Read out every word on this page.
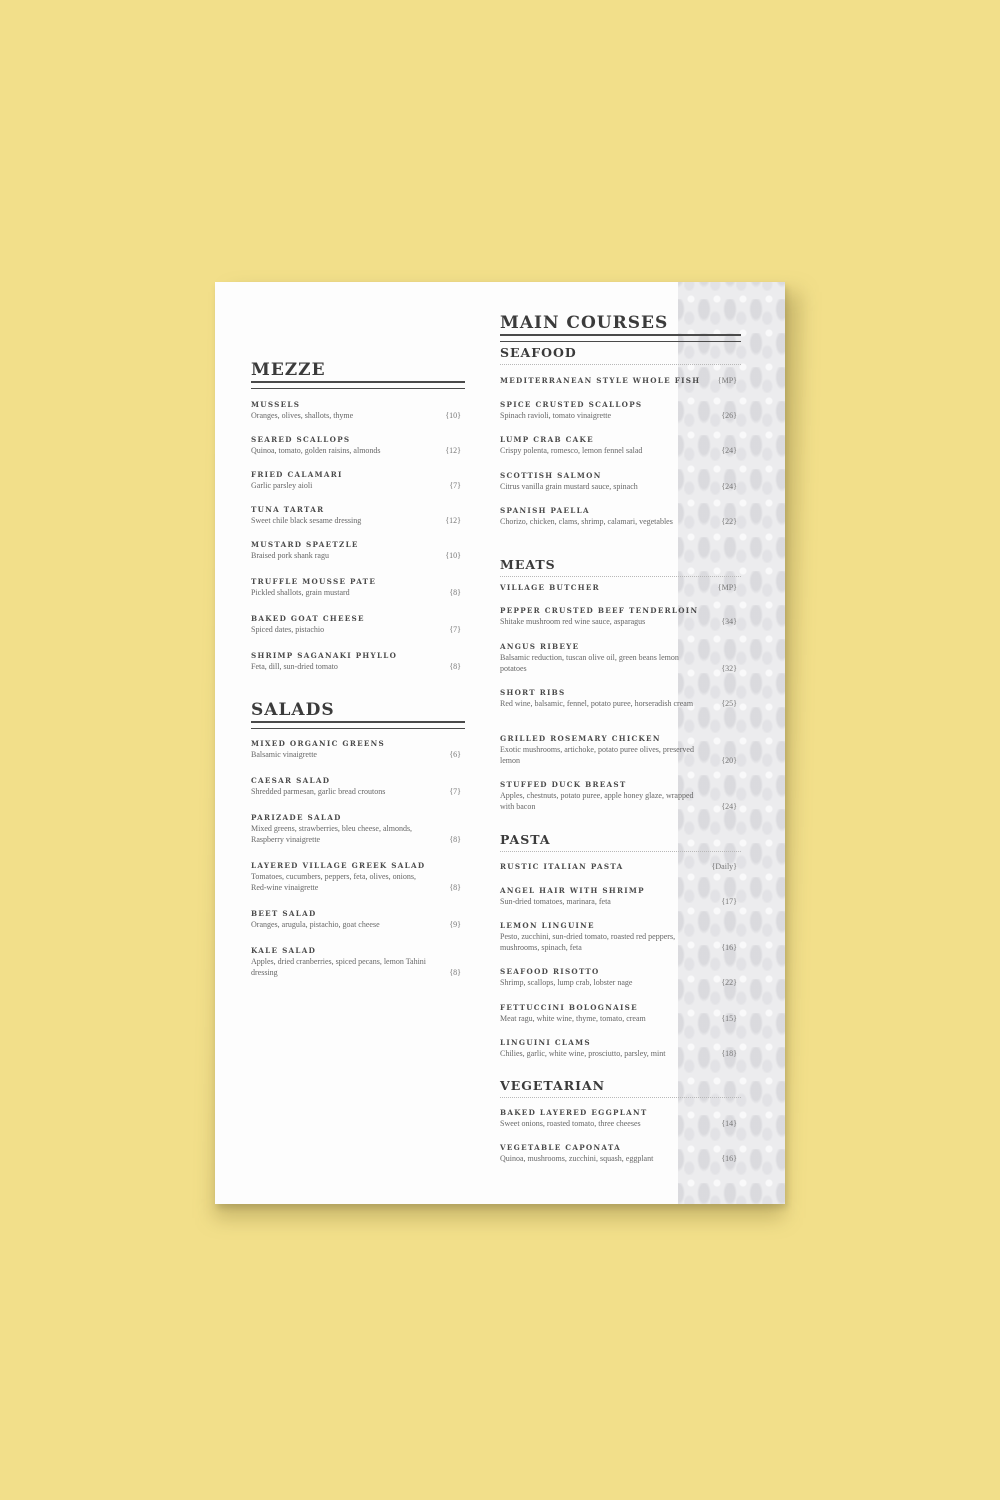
MEZZE
MUSSELS
Oranges, olives, shallots, thyme	{10}
SEARED SCALLOPS
Quinoa, tomato, golden raisins, almonds	{12}
FRIED CALAMARI
Garlic parsley aioli	{7}
TUNA TARTAR
Sweet chile black sesame dressing	{12}
MUSTARD SPAETZLE
Braised pork shank ragu	{10}
TRUFFLE MOUSSE PATE
Pickled shallots, grain mustard	{8}
BAKED GOAT CHEESE
Spiced dates, pistachio	{7}
SHRIMP SAGANAKI PHYLLO
Feta, dill, sun-dried tomato	{8}
SALADS
MIXED ORGANIC GREENS
Balsamic vinaigrette	{6}
CAESAR SALAD
Shredded parmesan, garlic bread croutons	{7}
PARIZADE SALAD
Mixed greens, strawberries, bleu cheese, almonds, Raspberry vinaigrette	{8}
LAYERED VILLAGE GREEK SALAD
Tomatoes, cucumbers, peppers, feta, olives, onions, Red-wine vinaigrette	{8}
BEET SALAD
Oranges, arugula, pistachio, goat cheese	{9}
KALE SALAD
Apples, dried cranberries, spiced pecans, lemon Tahini dressing	{8}
MAIN COURSES
SEAFOOD
MEDITERRANEAN STYLE WHOLE FISH	{MP}
SPICE CRUSTED SCALLOPS
Spinach ravioli, tomato vinaigrette	{26}
LUMP CRAB CAKE
Crispy polenta, romesco, lemon fennel salad	{24}
SCOTTISH SALMON
Citrus vanilla grain mustard sauce, spinach	{24}
SPANISH PAELLA
Chorizo, chicken, clams, shrimp, calamari, vegetables	{22}
MEATS
VILLAGE BUTCHER	{MP}
PEPPER CRUSTED BEEF TENDERLOIN
Shitake mushroom red wine sauce, asparagus	{34}
ANGUS RIBEYE
Balsamic reduction, tuscan olive oil, green beans lemon potatoes	{32}
SHORT RIBS
Red wine, balsamic, fennel, potato puree, horseradish cream	{25}
GRILLED ROSEMARY CHICKEN
Exotic mushrooms, artichoke, potato puree olives, preserved lemon	{20}
STUFFED DUCK BREAST
Apples, chestnuts, potato puree, apple honey glaze, wrapped with bacon	{24}
PASTA
RUSTIC ITALIAN PASTA	{Daily}
ANGEL HAIR WITH SHRIMP
Sun-dried tomatoes, marinara, feta	{17}
LEMON LINGUINE
Pesto, zucchini, sun-dried tomato, roasted red peppers, mushrooms, spinach, feta	{16}
SEAFOOD RISOTTO
Shrimp, scallops, lump crab, lobster nage	{22}
FETTUCCINI BOLOGNAISE
Meat ragu, white wine, thyme, tomato, cream	{15}
LINGUINI CLAMS
Chilies, garlic, white wine, prosciutto, parsley, mint	{18}
VEGETARIAN
BAKED LAYERED EGGPLANT
Sweet onions, roasted tomato, three cheeses	{14}
VEGETABLE CAPONATA
Quinoa, mushrooms, zucchini, squash, eggplant	{16}
